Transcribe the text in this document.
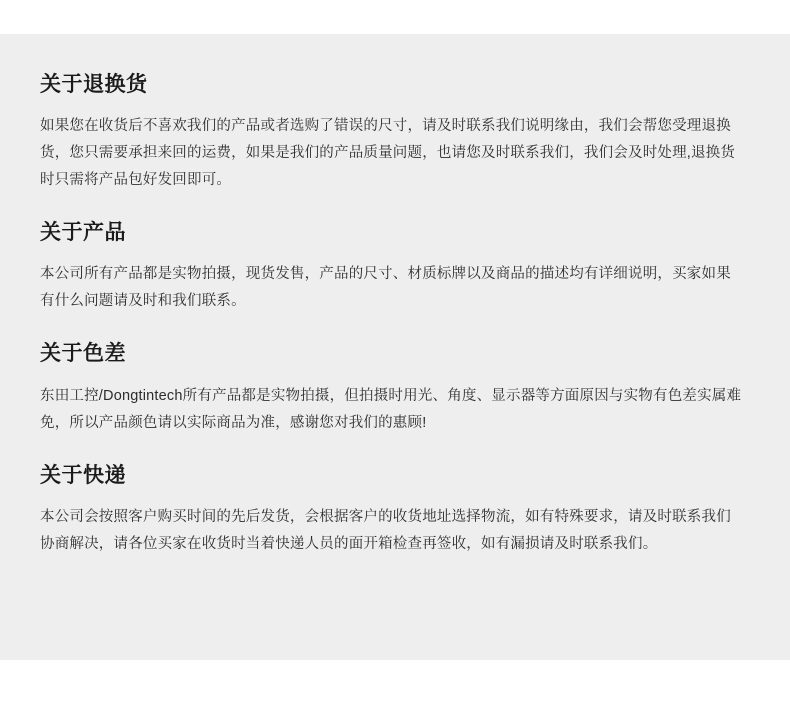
关于退换货

如果您在收货后不喜欢我们的产品或者选购了错误的尺寸，请及时联系我们说明缘由，我们会帮您受理退换货，您只需要承担来回的运费，如果是我们的产品质量问题，也请您及时联系我们，我们会及时处理,退换货时只需将产品包好发回即可。

关于产品

本公司所有产品都是实物拍摄，现货发售，产品的尺寸、材质标牌以及商品的描述均有详细说明，买家如果有什么问题请及时和我们联系。

关于色差

东田工控/Dongtintech所有产品都是实物拍摄，但拍摄时用光、角度、显示器等方面原因与实物有色差实属难免，所以产品颜色请以实际商品为准，感谢您对我们的惠顾!

关于快递

本公司会按照客户购买时间的先后发货，会根据客户的收货地址选择物流，如有特殊要求，请及时联系我们协商解决，请各位买家在收货时当着快递人员的面开箱检查再签收，如有漏损请及时联系我们。
